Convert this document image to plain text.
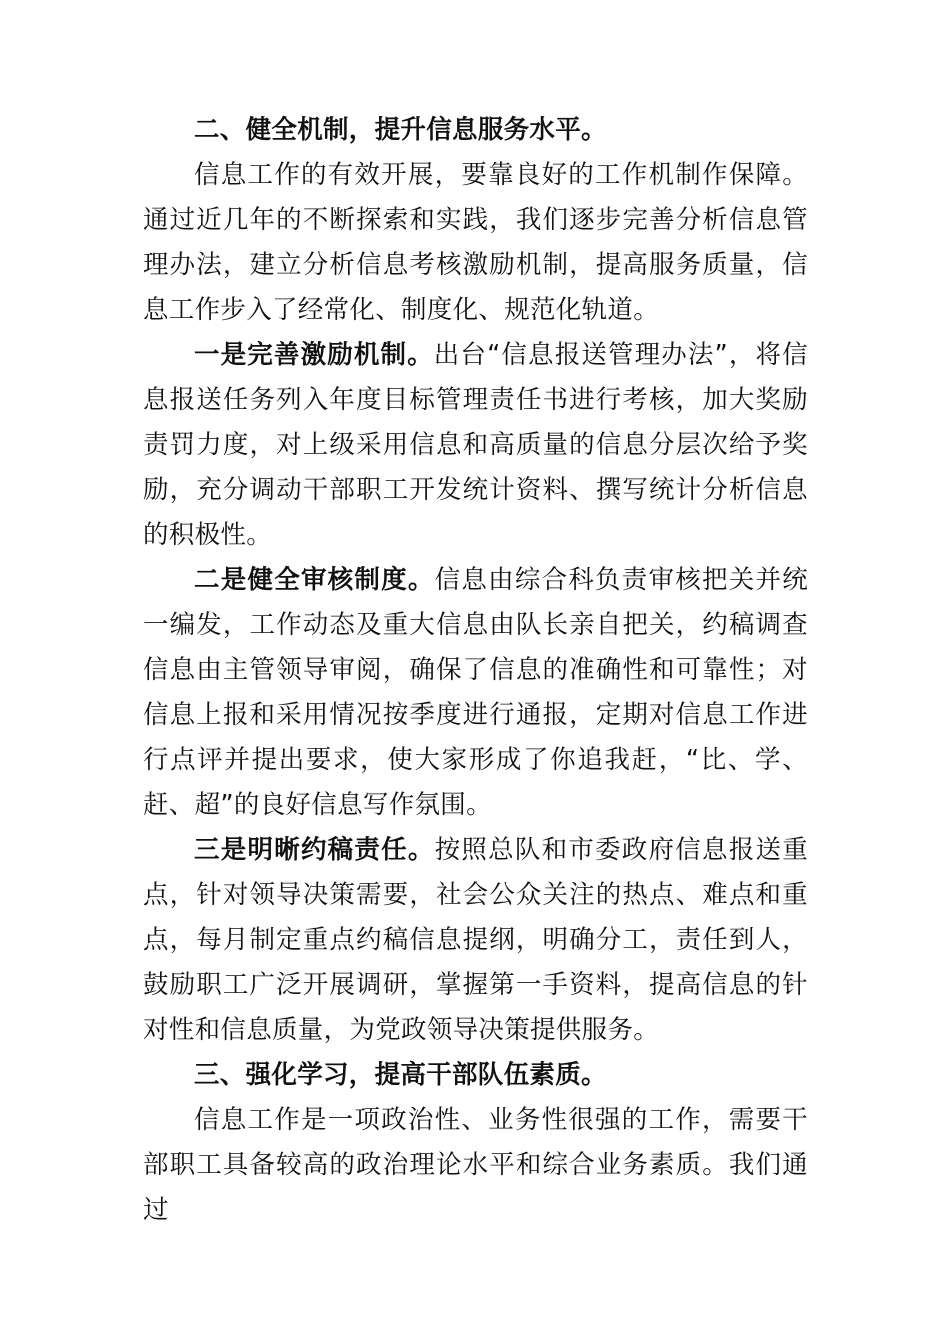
二、健全机制，提升信息服务水平。

信息工作的有效开展，要靠良好的工作机制作保障。通过近几年的不断探索和实践，我们逐步完善分析信息管理办法，建立分析信息考核激励机制，提高服务质量，信息工作步入了经常化、制度化、规范化轨道。

一是完善激励机制。出台“信息报送管理办法”，将信息报送任务列入年度目标管理责任书进行考核，加大奖励责罚力度，对上级采用信息和高质量的信息分层次给予奖励，充分调动干部职工开发统计资料、撰写统计分析信息的积极性。

二是健全审核制度。信息由综合科负责审核把关并统一编发，工作动态及重大信息由队长亲自把关，约稿调查信息由主管领导审阅，确保了信息的准确性和可靠性；对信息上报和采用情况按季度进行通报，定期对信息工作进行点评并提出要求，使大家形成了你追我赶，“比、学、赶、超”的良好信息写作氛围。

三是明晰约稿责任。按照总队和市委政府信息报送重点，针对领导决策需要，社会公众关注的热点、难点和重点，每月制定重点约稿信息提纲，明确分工，责任到人，鼓励职工广泛开展调研，掌握第一手资料，提高信息的针对性和信息质量，为党政领导决策提供服务。

三、强化学习，提高干部队伍素质。

信息工作是一项政治性、业务性很强的工作，需要干部职工具备较高的政治理论水平和综合业务素质。我们通过
